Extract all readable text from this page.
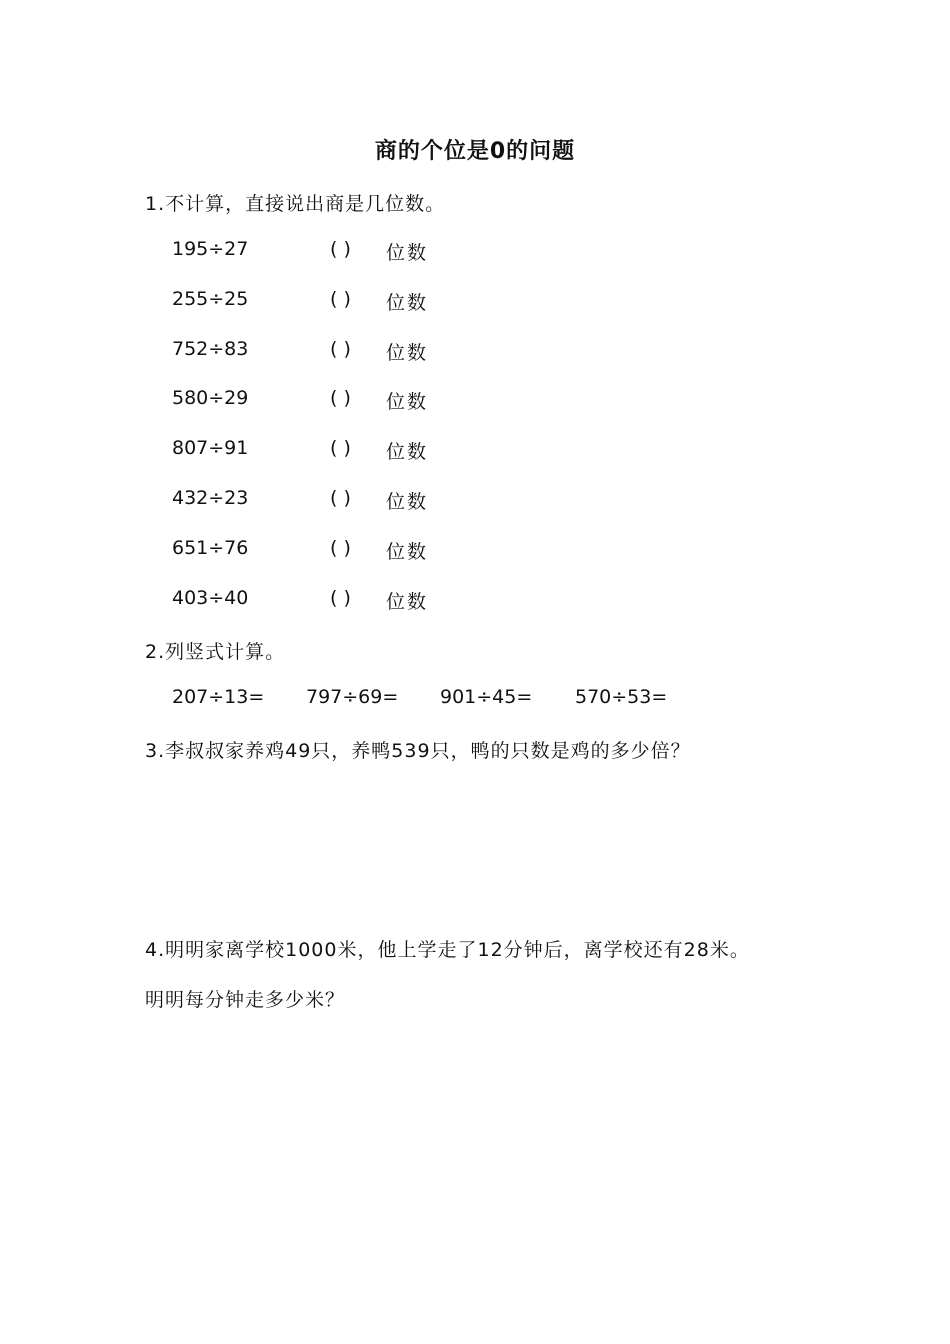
商的个位是0的问题
1.不计算，直接说出商是几位数。
195÷27	( ) 位数
255÷25	( ) 位数
752÷83	( ) 位数
580÷29	( ) 位数
807÷91	( ) 位数
432÷23	( ) 位数
651÷76	( ) 位数
403÷40	( ) 位数
2.列竖式计算。
207÷13= 797÷69= 901÷45= 570÷53=
3.李叔叔家养鸡49只，养鸭539只，鸭的只数是鸡的多少倍？
4.明明家离学校1000米，他上学走了12分钟后，离学校还有28米。
明明每分钟走多少米？
